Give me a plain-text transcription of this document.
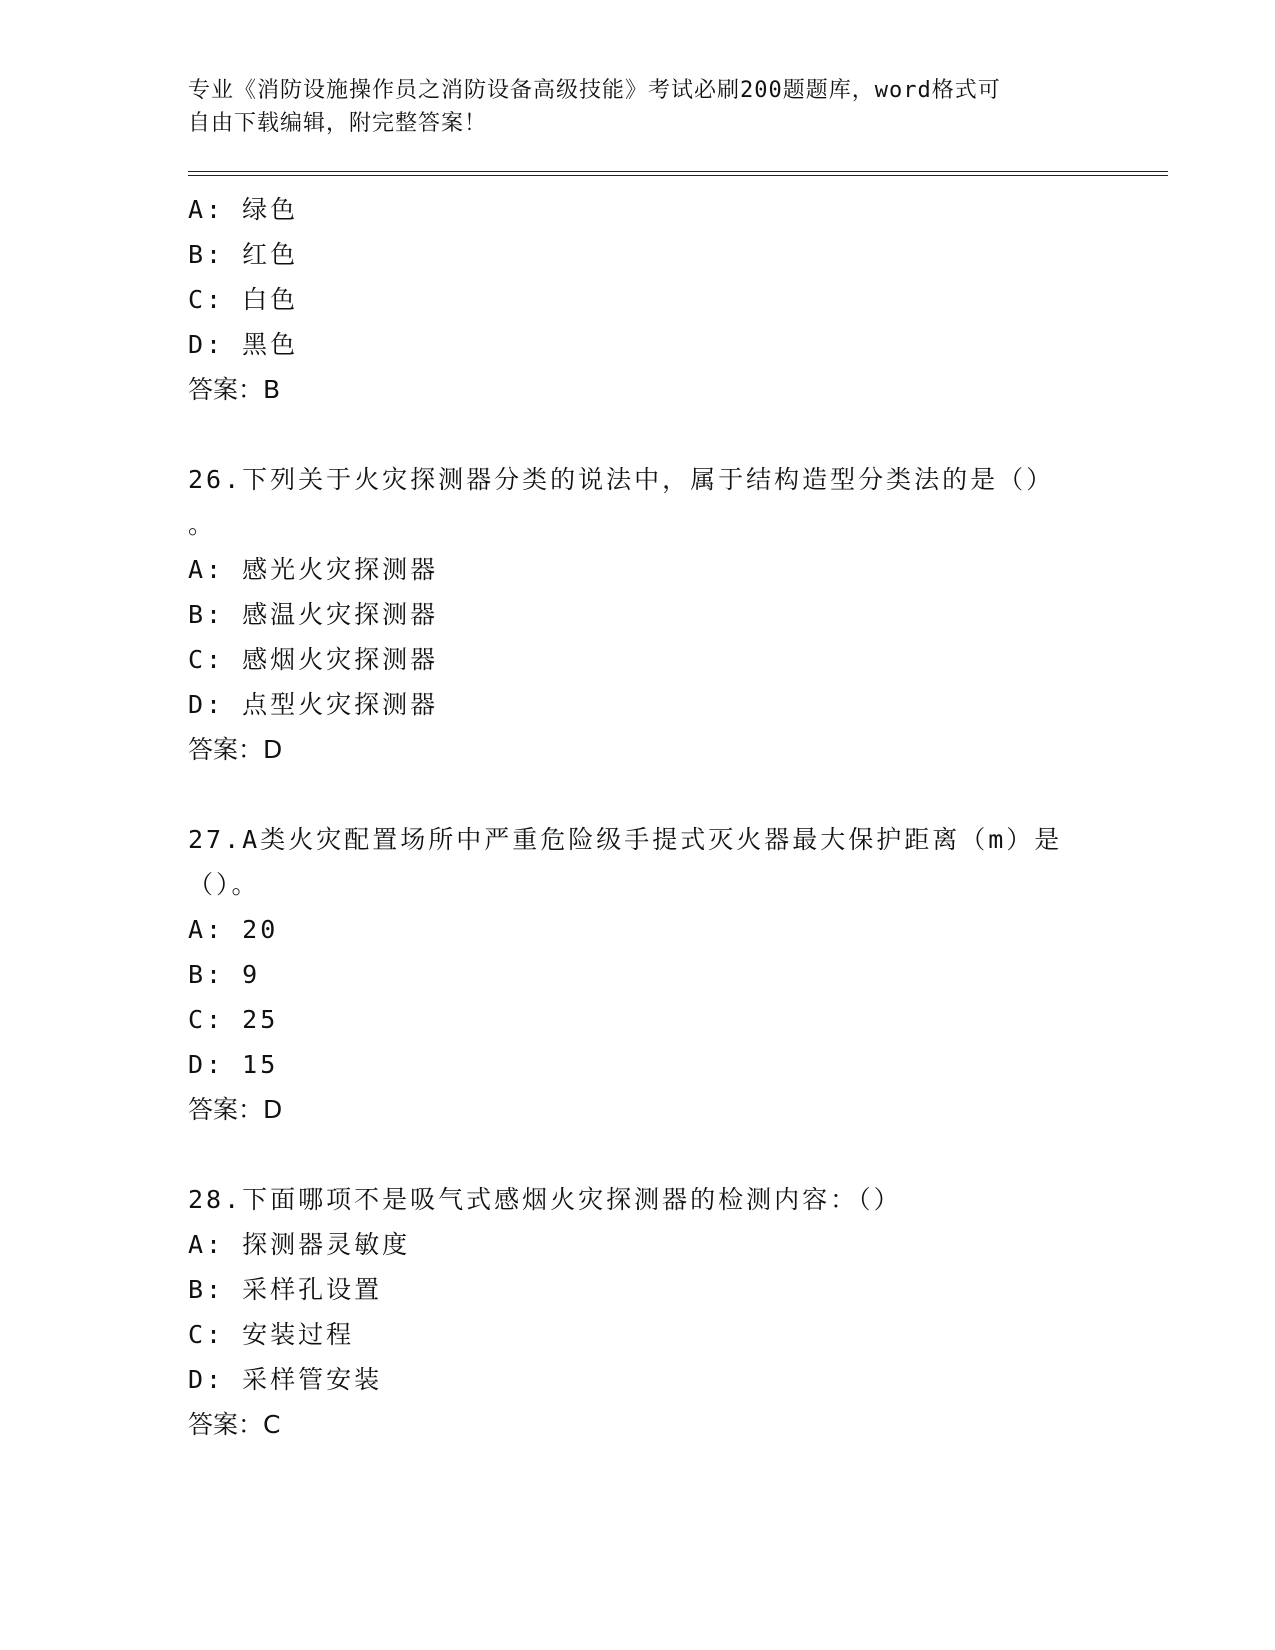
专业《消防设施操作员之消防设备高级技能》考试必刷200题题库，word格式可
自由下载编辑，附完整答案！
A: 绿色
B: 红色
C: 白色
D: 黑色
答案：B
26.下列关于火灾探测器分类的说法中，属于结构造型分类法的是（）
。
A: 感光火灾探测器
B: 感温火灾探测器
C: 感烟火灾探测器
D: 点型火灾探测器
答案：D
27.A类火灾配置场所中严重危险级手提式灭火器最大保护距离（m）是
（）。
A: 20
B: 9
C: 25
D: 15
答案：D
28.下面哪项不是吸气式感烟火灾探测器的检测内容：（）
A: 探测器灵敏度
B: 采样孔设置
C: 安装过程
D: 采样管安装
答案：C
